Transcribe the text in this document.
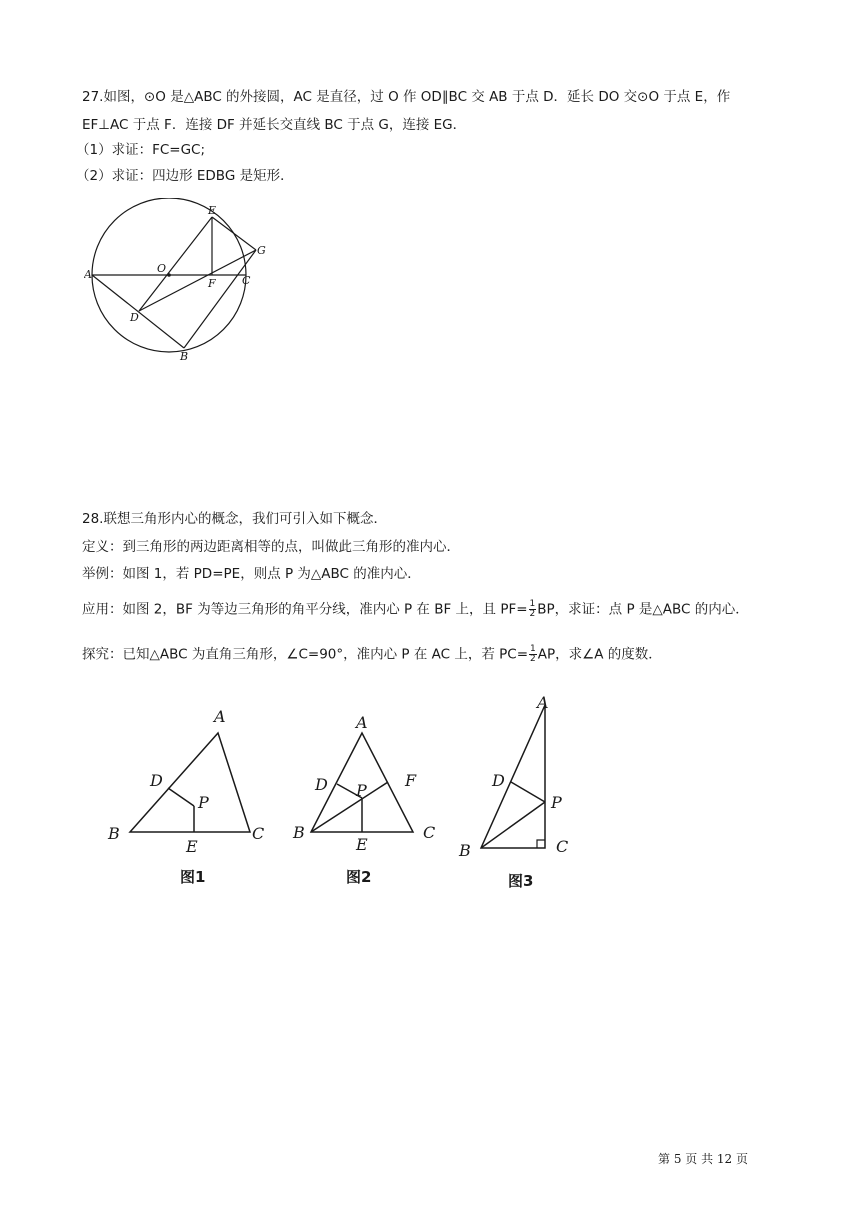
27.如图，⊙O 是△ABC 的外接圆，AC 是直径，过 O 作 OD∥BC 交 AB 于点 D．延长 DO 交⊙O 于点 E，作
EF⊥AC 于点 F．连接 DF 并延长交直线 BC 于点 G，连接 EG．
（1）求证：FC=GC;
（2）求证：四边形 EDBG 是矩形．
A	O
F C
E
G
D
B
28.联想三角形内心的概念，我们可引入如下概念．
定义：到三角形的两边距离相等的点，叫做此三角形的准内心．
举例：如图 1，若 PD=PE，则点 P 为△ABC 的准内心．
应用：如图 2，BF 为等边三角形的角平分线，准内心 P 在 BF 上，且 $PF= \frac{1}{2}$ BP，求证：点 P 是△ABC 的内心．
探究：已知△ABC 为直角三角形，∠C=90°，准内心 P 在 AC 上，若 $PC= \frac{1}{2}$ AP，求∠A 的度数．
A
D
P
B	C
E
A
D P
F
B	C
E
A
D
P
B	C
图1	图2	图3
第 5 页 共 12 页
